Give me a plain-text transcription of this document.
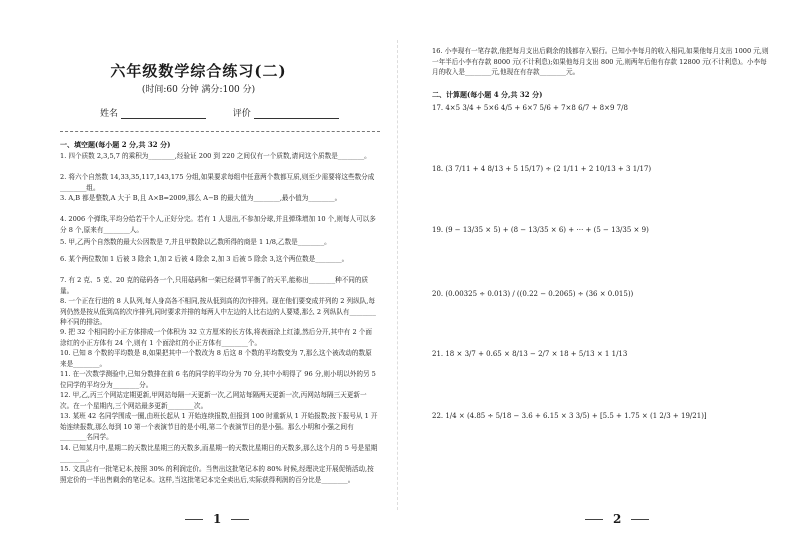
六年级数学综合练习(二)
(时间:60 分钟 满分:100 分)
姓名	评价
一、填空题(每小题 2 分,共 32 分)
1. 四个质数 2,3,5,7 的乘积为________,经验证 200 到 220 之间仅有一个质数,请问这个质数是________。
2. 将六个自然数 14,33,35,117,143,175 分组,如果要求每组中任意两个数都互质,则至少需要将这些数分成________组。
3. A,B 都是整数,A 大于 B,且 A×B=2009,那么 A−B 的最大值为________,最小值为________。
4. 2006 个弹珠,平均分给若干个人,正好分完。若有 1 人退出,不参加分球,并且弹珠增加 10 个,则每人可以多分 8 个,原来有________人。
5. 甲,乙两个自然数的最大公因数是 7,并且甲数除以乙数所得的商是 1 1/8,乙数是________。
6. 某个两位数加 1 后被 3 除余 1,加 2 后被 4 除余 2,加 3 后被 5 除余 3,这个两位数是________。
7. 有 2 克、5 克、20 克的砝码各一个,只用砝码和一架已经调节平衡了的天平,能称出________种不同的质量。
8. 一个正在行进的 8 人队列,每人身高各不相同,按从低到高的次序排列。现在他们要变成并列的 2 列纵队,每列仍然是按从低到高的次序排列,同时要求并排的每两人中左边的人比右边的人要矮,那么 2 列纵队有________种不同的排法。
9. 把 32 个相同的小正方体排成一个体积为 32 立方厘米的长方体,将表面涂上红漆,然后分开,其中有 2 个面涂红的小正方体有 24 个,则有 1 个面涂红的小正方体有________个。
10. 已知 8 个数的平均数是 8,如果把其中一个数改为 8 后这 8 个数的平均数变为 7,那么这个被改动的数原来是________。
11. 在一次数学测验中,已知分数排在前 6 名的同学的平均分为 70 分,其中小明得了 96 分,则小明以外的另 5 位同学的平均分为________分。
12. 甲,乙,丙三个网站定期更新,甲网站每隔一天更新一次,乙网站每隔两天更新一次,丙网站每隔三天更新一次。在一个星期内,三个网站最多更新________次。
13. 某班 42 名同学围成一圈,由班长起从 1 开始连续报数,但报到 100 时重新从 1 开始报数;按下报号从 1 开始连续报数,那么每到 10 第一个表演节目的是小明,第二个表演节目的是小强。那么小明和小强之间有________名同学。
14. 已知某月中,星期二的天数比星期三的天数多,而星期一的天数比星期日的天数多,那么这个月的 5 号是星期________。
15. 文具店有一批笔记本,按照 30% 的利润定价。当售出这批笔记本的 80% 时候,经理决定开展促销活动,按照定价的一半出售剩余的笔记本。这样,当这批笔记本完全卖出后,实际获得利润的百分比是________。
1
16. 小李现有一笔存款,他把每月支出后剩余的钱都存入银行。已知小李每月的收入相同,如果他每月支出 1000 元,则一年半后小李有存款 8000 元(不计利息);如果他每月支出 800 元,则两年后他有存款 12800 元(不计利息)。小李每月的收入是________元,他现在有存款________元。
二、计算题(每小题 4 分,共 32 分)
17. 4×5 3/4 + 5×6 4/5 + 6×7 5/6 + 7×8 6/7 + 8×9 7/8
18. (3 7/11 + 4 8/13 + 5 15/17) ÷ (2 1/11 + 2 10/13 + 3 1/17)
19. (9 − 13/35 × 5) + (8 − 13/35 × 6) + ⋯ + (5 − 13/35 × 9)
20. (0.00325 ÷ 0.013) / ((0.22 − 0.2065) ÷ (36 × 0.015))
21. 18 × 3/7 + 0.65 × 8/13 − 2/7 × 18 + 5/13 × 1 1/13
22. 1/4 × (4.85 ÷ 5/18 − 3.6 + 6.15 × 3 3/5) + [5.5 + 1.75 × (1 2/3 + 19/21)]
2
